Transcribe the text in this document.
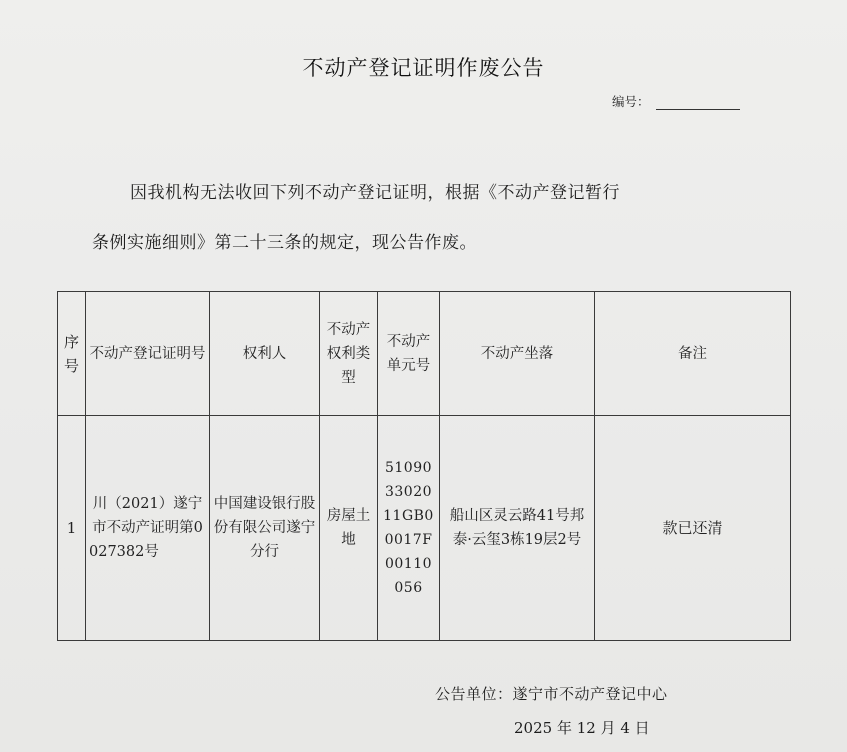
不动产登记证明作废公告
编号：
因我机构无法收回下列不动产登记证明，根据《不动产登记暂行
条例实施细则》第二十三条的规定，现公告作废。
序号	不动产登记证明号	权利人	不动产权利类型	不动产单元号	不动产坐落	备注
1	川（2021）遂宁市不动产证明第0027382号	中国建设银行股份有限公司遂宁分行	房屋土地	510903302011GB00017F00110056	船山区灵云路41号邦泰·云玺3栋19层2号	款已还清
公告单位：遂宁市不动产登记中心
2025 年 12 月 4 日
